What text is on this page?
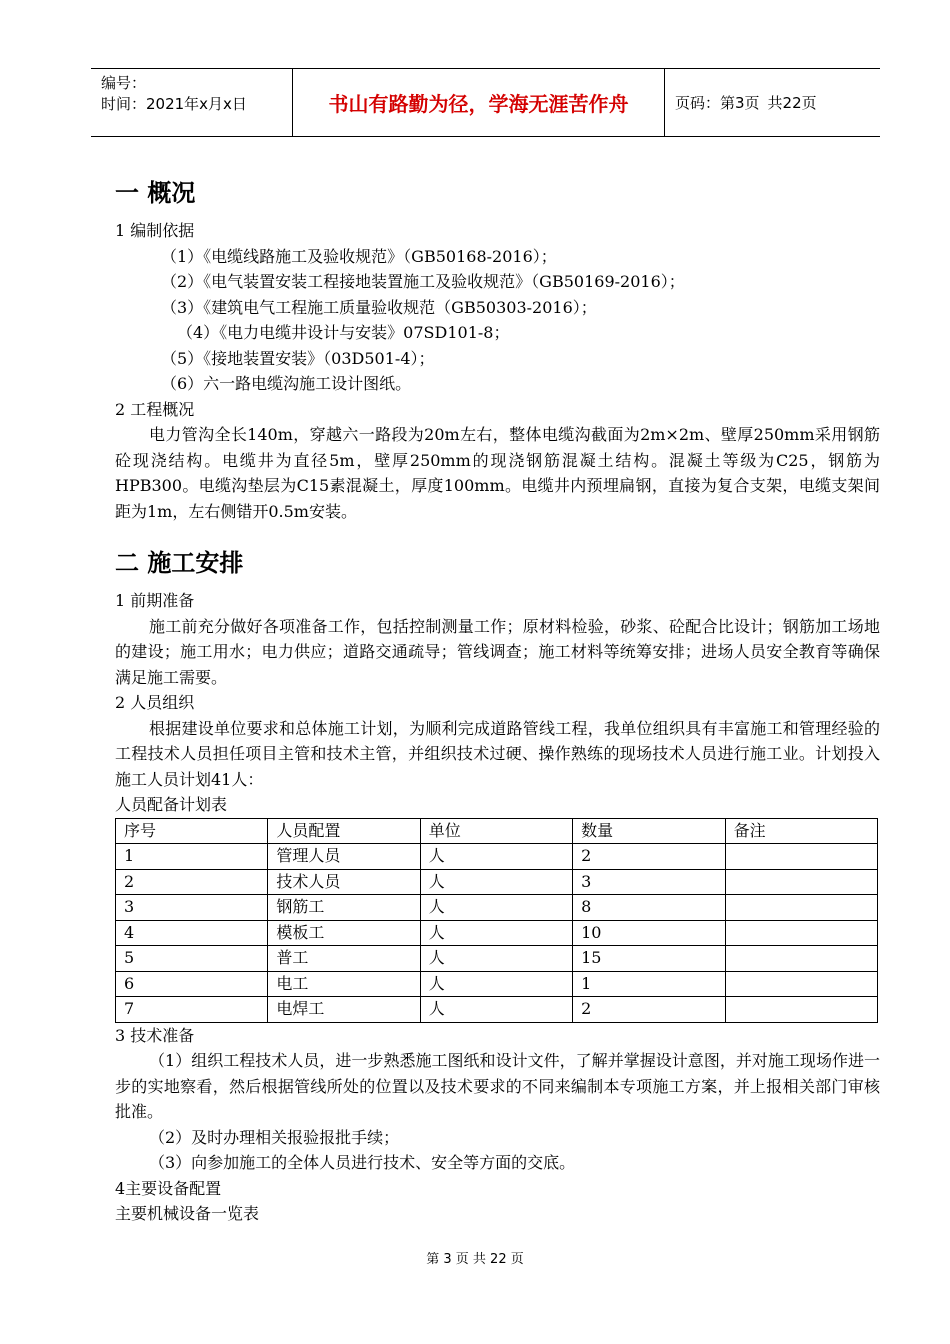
编号：
时间：2021年x月x日	书山有路勤为径，学海无涯苦作舟	页码：第3页 共22页
一 概况

1 编制依据

（1）《电缆线路施工及验收规范》（GB50168-2016）；

（2）《电气装置安装工程接地装置施工及验收规范》（GB50169-2016）；

（3）《建筑电气工程施工质量验收规范（GB50303-2016）；

（4）《电力电缆井设计与安装》07SD101-8；

（5）《接地装置安装》（03D501-4）；

（6）六一路电缆沟施工设计图纸。

2 工程概况

电力管沟全长140m，穿越六一路段为20m左右，整体电缆沟截面为2m×2m、壁厚250mm采用钢筋砼现浇结构。电缆井为直径5m，壁厚250mm的现浇钢筋混凝土结构。混凝土等级为C25，钢筋为HPB300。电缆沟垫层为C15素混凝土，厚度100mm。电缆井内预埋扁钢，直接为复合支架，电缆支架间距为1m，左右侧错开0.5m安装。

二 施工安排

1 前期准备

施工前充分做好各项准备工作，包括控制测量工作；原材料检验，砂浆、砼配合比设计；钢筋加工场地的建设；施工用水；电力供应；道路交通疏导；管线调查；施工材料等统筹安排；进场人员安全教育等确保满足施工需要。

2 人员组织

根据建设单位要求和总体施工计划，为顺利完成道路管线工程，我单位组织具有丰富施工和管理经验的工程技术人员担任项目主管和技术主管，并组织技术过硬、操作熟练的现场技术人员进行施工业。计划投入施工人员计划41人：

人员配备计划表

序号	人员配置	单位	数量	备注
1	管理人员	人	2	
2	技术人员	人	3	
3	钢筋工	人	8	
4	模板工	人	10	
5	普工	人	15	
6	电工	人	1	
7	电焊工	人	2	

3 技术准备

（1）组织工程技术人员，进一步熟悉施工图纸和设计文件，了解并掌握设计意图，并对施工现场作进一步的实地察看，然后根据管线所处的位置以及技术要求的不同来编制本专项施工方案，并上报相关部门审核批准。

（2）及时办理相关报验报批手续；

（3）向参加施工的全体人员进行技术、安全等方面的交底。

4主要设备配置

主要机械设备一览表

第 3 页 共 22 页
